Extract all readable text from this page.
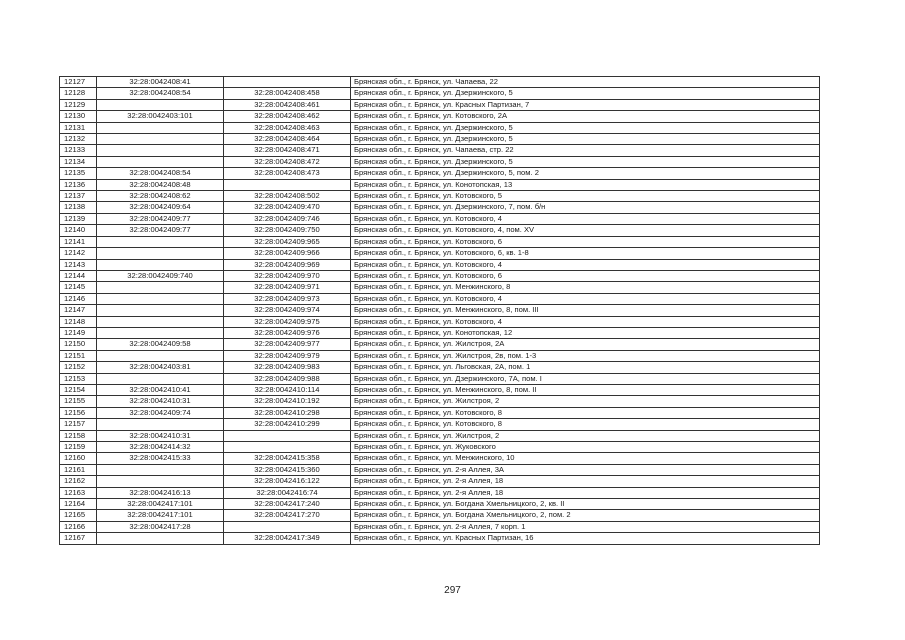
12127	32:28:0042408:41		Брянская обл., г. Брянск, ул. Чапаева, 22
12128	32:28:0042408:54	32:28:0042408:458	Брянская обл., г. Брянск, ул. Дзержинского, 5
12129		32:28:0042408:461	Брянская обл., г. Брянск, ул. Красных Партизан, 7
12130	32:28:0042403:101	32:28:0042408:462	Брянская обл., г. Брянск, ул. Котовского, 2А
12131		32:28:0042408:463	Брянская обл., г. Брянск, ул. Дзержинского, 5
12132		32:28:0042408:464	Брянская обл., г. Брянск, ул. Дзержинского, 5
12133		32:28:0042408:471	Брянская обл., г. Брянск, ул. Чапаева, стр. 22
12134		32:28:0042408:472	Брянская обл., г. Брянск, ул. Дзержинского, 5
12135	32:28:0042408:54	32:28:0042408:473	Брянская обл., г. Брянск, ул. Дзержинского, 5, пом. 2
12136	32:28:0042408:48		Брянская обл., г. Брянск, ул. Конотопская, 13
12137	32:28:0042408:62	32:28:0042408:502	Брянская обл., г. Брянск, ул. Котовского, 5
12138	32:28:0042409:64	32:28:0042409:470	Брянская обл., г. Брянск, ул. Дзержинского, 7, пом. б/н
12139	32:28:0042409:77	32:28:0042409:746	Брянская обл., г. Брянск, ул. Котовского, 4
12140	32:28:0042409:77	32:28:0042409:750	Брянская обл., г. Брянск, ул. Котовского, 4, пом. XV
12141		32:28:0042409:965	Брянская обл., г. Брянск, ул. Котовского, 6
12142		32:28:0042409:966	Брянская обл., г. Брянск, ул. Котовского, 6, кв. 1-8
12143		32:28:0042409:969	Брянская обл., г. Брянск, ул. Котовского, 4
12144	32:28:0042409:740	32:28:0042409:970	Брянская обл., г. Брянск, ул. Котовского, 6
12145		32:28:0042409:971	Брянская обл., г. Брянск, ул. Менжинского, 8
12146		32:28:0042409:973	Брянская обл., г. Брянск, ул. Котовского, 4
12147		32:28:0042409:974	Брянская обл., г. Брянск, ул. Менжинского, 8, пом. III
12148		32:28:0042409:975	Брянская обл., г. Брянск, ул. Котовского, 4
12149		32:28:0042409:976	Брянская обл., г. Брянск, ул. Конотопская, 12
12150	32:28:0042409:58	32:28:0042409:977	Брянская обл., г. Брянск, ул. Жилстроя, 2А
12151		32:28:0042409:979	Брянская обл., г. Брянск, ул. Жилстроя, 2в, пом. 1-3
12152	32:28:0042403:81	32:28:0042409:983	Брянская обл., г. Брянск, ул. Льговская, 2А, пом. 1
12153		32:28:0042409:988	Брянская обл., г. Брянск, ул. Дзержинского, 7А, пом. I
12154	32:28:0042410:41	32:28:0042410:114	Брянская обл., г. Брянск, ул. Менжинского, 8, пом. II
12155	32:28:0042410:31	32:28:0042410:192	Брянская обл., г. Брянск, ул. Жилстроя, 2
12156	32:28:0042409:74	32:28:0042410:298	Брянская обл., г. Брянск, ул. Котовского, 8
12157		32:28:0042410:299	Брянская обл., г. Брянск, ул. Котовского, 8
12158	32:28:0042410:31		Брянская обл., г. Брянск, ул. Жилстроя, 2
12159	32:28:0042414:32		Брянская обл., г. Брянск, ул. Жуковского
12160	32:28:0042415:33	32:28:0042415:358	Брянская обл., г. Брянск, ул. Менжинского, 10
12161		32:28:0042415:360	Брянская обл., г. Брянск, ул. 2-я Аллея, 3А
12162		32:28:0042416:122	Брянская обл., г. Брянск, ул. 2-я Аллея, 18
12163	32:28:0042416:13	32:28:0042416:74	Брянская обл., г. Брянск, ул. 2-я Аллея, 18
12164	32:28:0042417:101	32:28:0042417:240	Брянская обл., г. Брянск, ул. Богдана Хмельницкого, 2, кв. II
12165	32:28:0042417:101	32:28:0042417:270	Брянская обл., г. Брянск, ул. Богдана Хмельницкого, 2, пом. 2
12166	32:28:0042417:28		Брянская обл., г. Брянск, ул. 2-я Аллея, 7 корп. 1
12167		32:28:0042417:349	Брянская обл., г. Брянск, ул. Красных Партизан, 16
297
